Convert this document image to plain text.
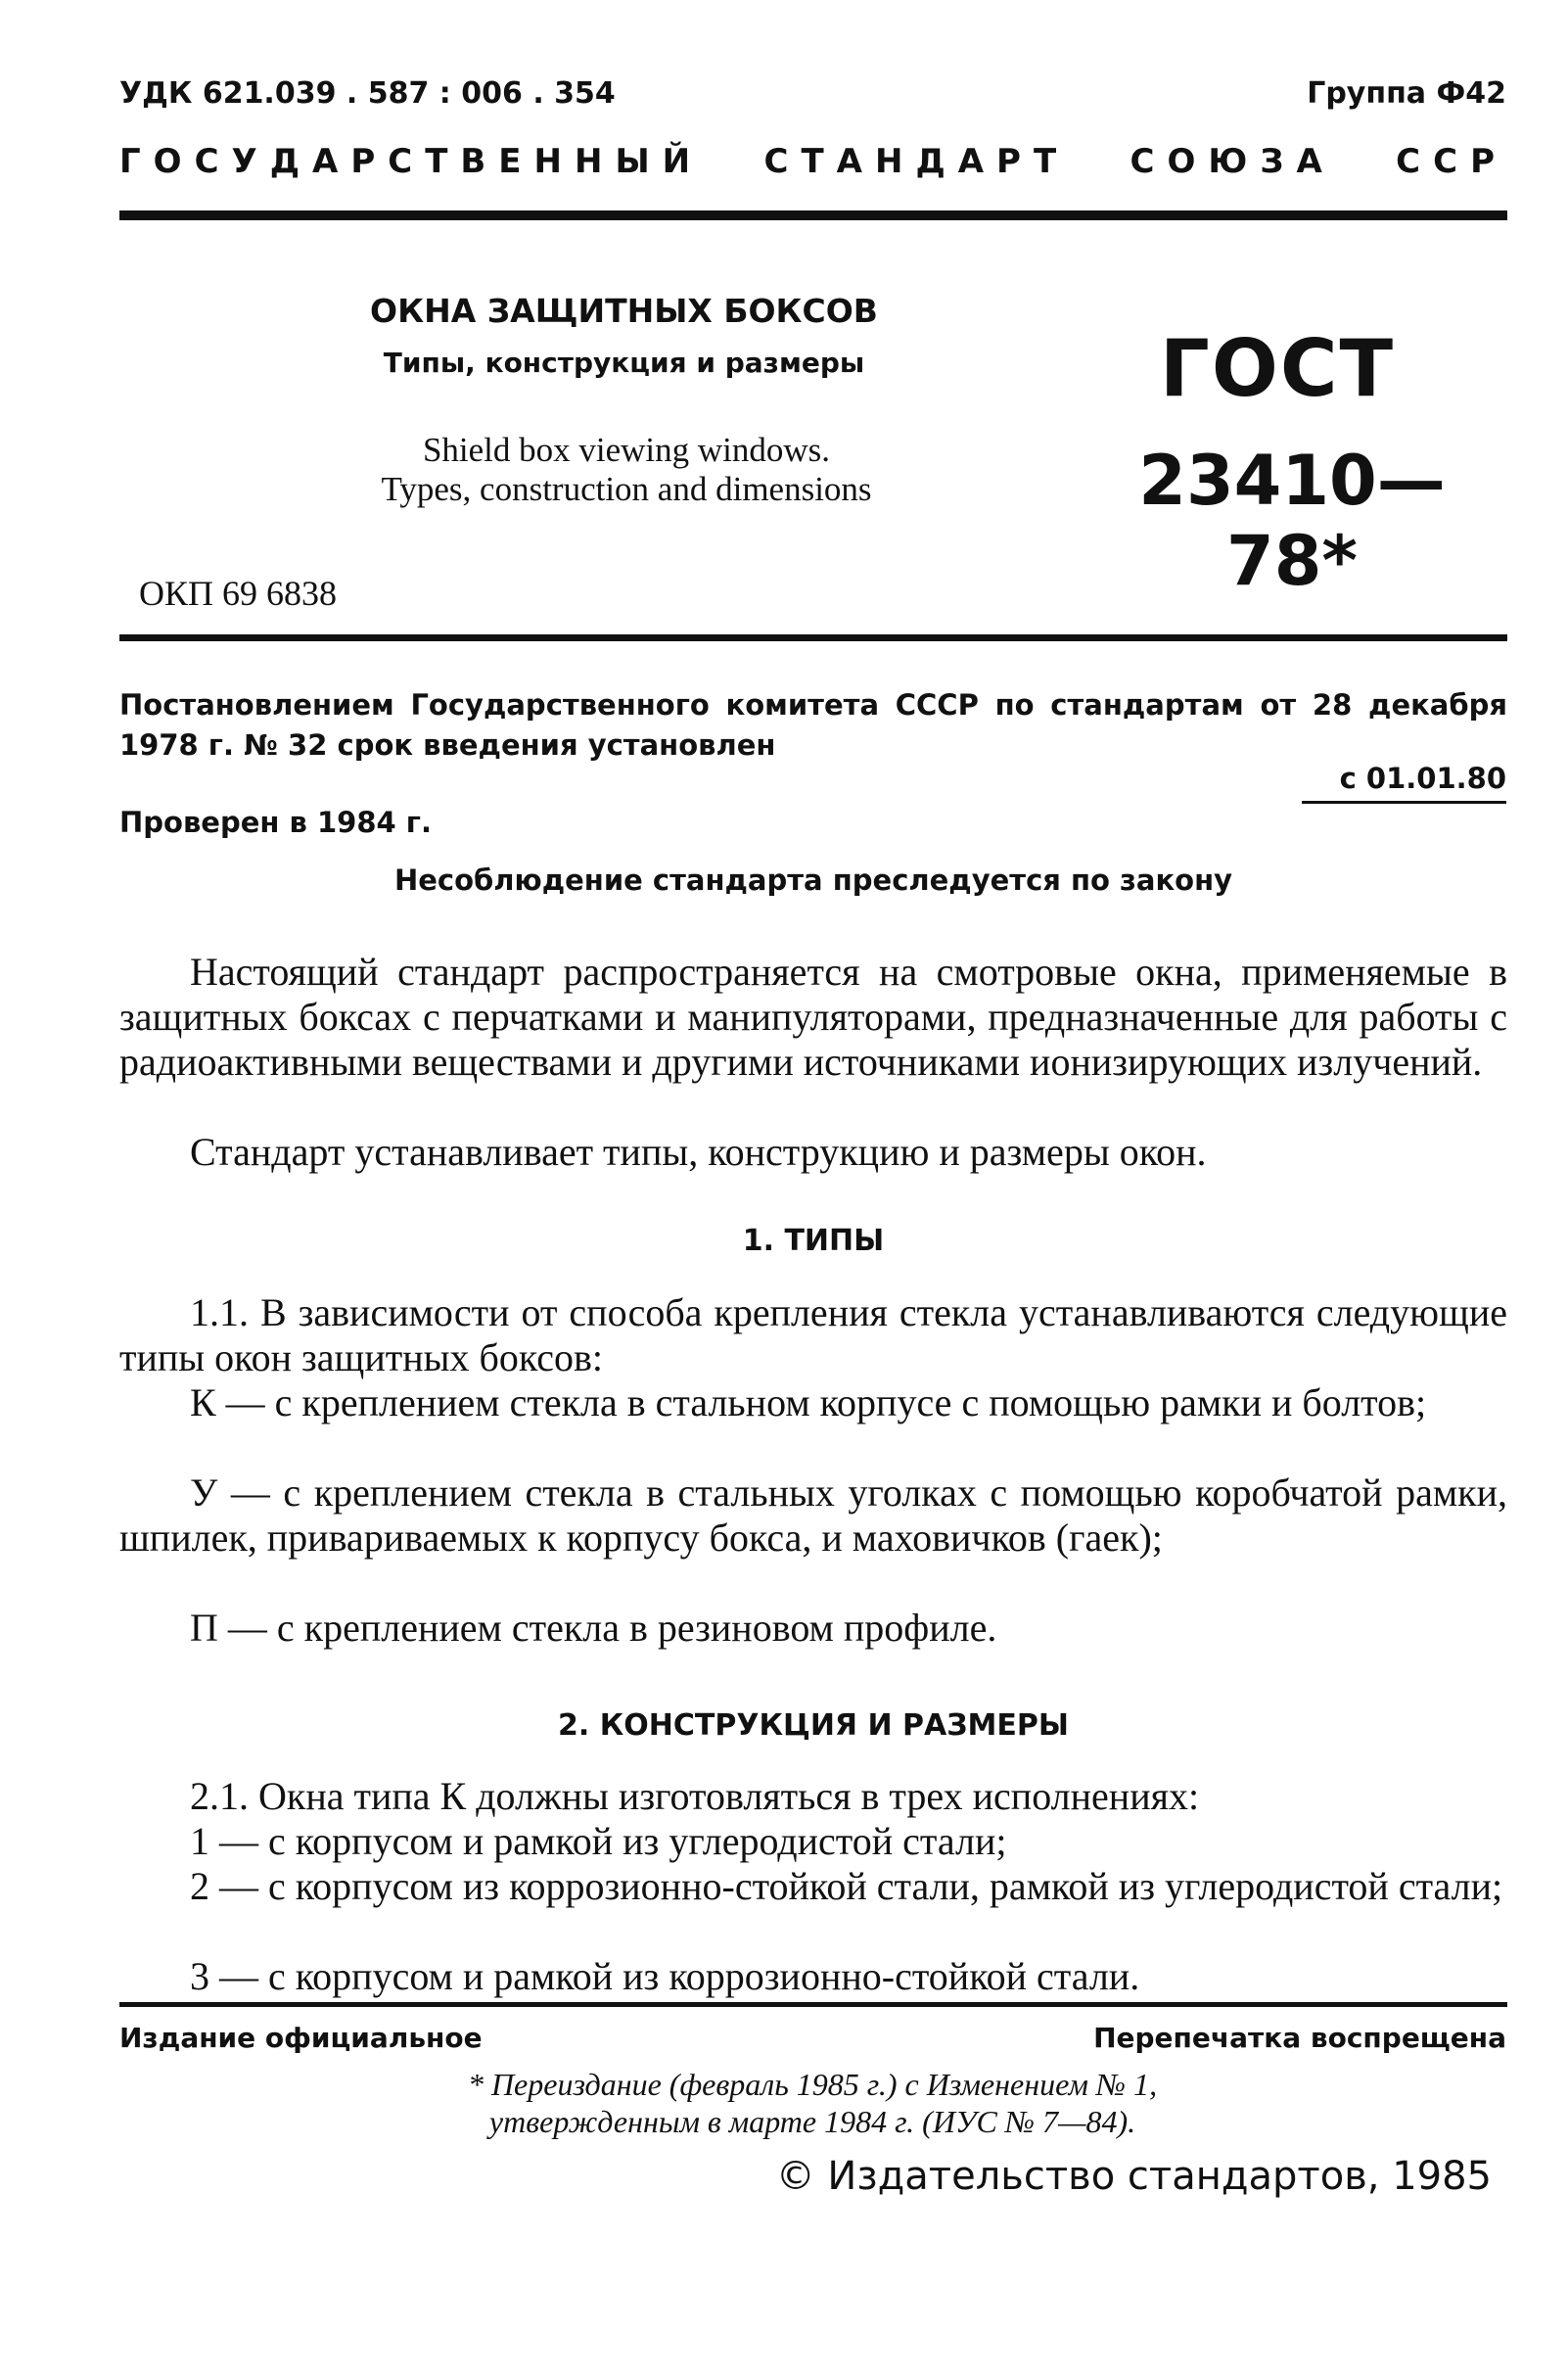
УДК 621.039 . 587 : 006 . 354	Группа Ф42
ГОСУДАРСТВЕННЫЙ СТАНДАРТ СОЮЗА ССР
ОКНА ЗАЩИТНЫХ БОКСОВ
Типы, конструкция и размеры
Shield box viewing windows.
Types, construction and dimensions
ГОСТ
23410—78*
ОКП 69 6838
Постановлением Государственного комитета СССР по стандартам от 28 декабря 1978 г. № 32 срок введения установлен
с 01.01.80
Проверен в 1984 г.
Несоблюдение стандарта преследуется по закону
Настоящий стандарт распространяется на смотровые окна, применяемые в защитных боксах с перчатками и манипуляторами, предназначенные для работы с радиоактивными веществами и другими источниками ионизирующих излучений.
Стандарт устанавливает типы, конструкцию и размеры окон.
1. ТИПЫ
1.1. В зависимости от способа крепления стекла устанавливаются следующие типы окон защитных боксов:
К — с креплением стекла в стальном корпусе с помощью рамки и болтов;
У — с креплением стекла в стальных уголках с помощью коробчатой рамки, шпилек, привариваемых к корпусу бокса, и маховичков (гаек);
П — с креплением стекла в резиновом профиле.
2. КОНСТРУКЦИЯ И РАЗМЕРЫ
2.1. Окна типа К должны изготовляться в трех исполнениях:
1 — с корпусом и рамкой из углеродистой стали;
2 — с корпусом из коррозионно-стойкой стали, рамкой из углеродистой стали;
3 — с корпусом и рамкой из коррозионно-стойкой стали.
Издание официальное	Перепечатка воспрещена
* Переиздание (февраль 1985 г.) с Изменением № 1,
утвержденным в марте 1984 г. (ИУС № 7—84).
© Издательство стандартов, 1985
